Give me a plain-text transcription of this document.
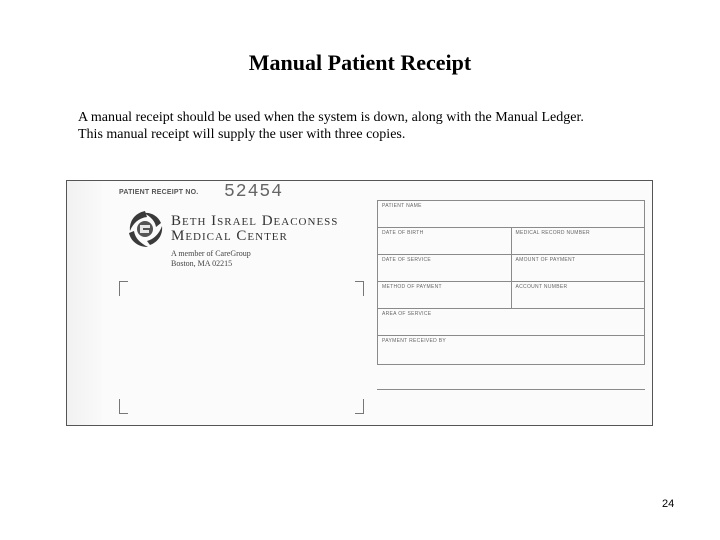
Manual Patient Receipt
A manual receipt should be used when the system is down, along with the Manual Ledger.
This manual receipt will supply the user with three copies.
PATIENT RECEIPT NO. 52454
Beth Israel Deaconess
Medical Center
A member of CareGroup
Boston, MA 02215
PATIENT NAME
DATE OF BIRTH	MEDICAL RECORD NUMBER
DATE OF SERVICE	AMOUNT OF PAYMENT
METHOD OF PAYMENT	ACCOUNT NUMBER
AREA OF SERVICE
PAYMENT RECEIVED BY
24
